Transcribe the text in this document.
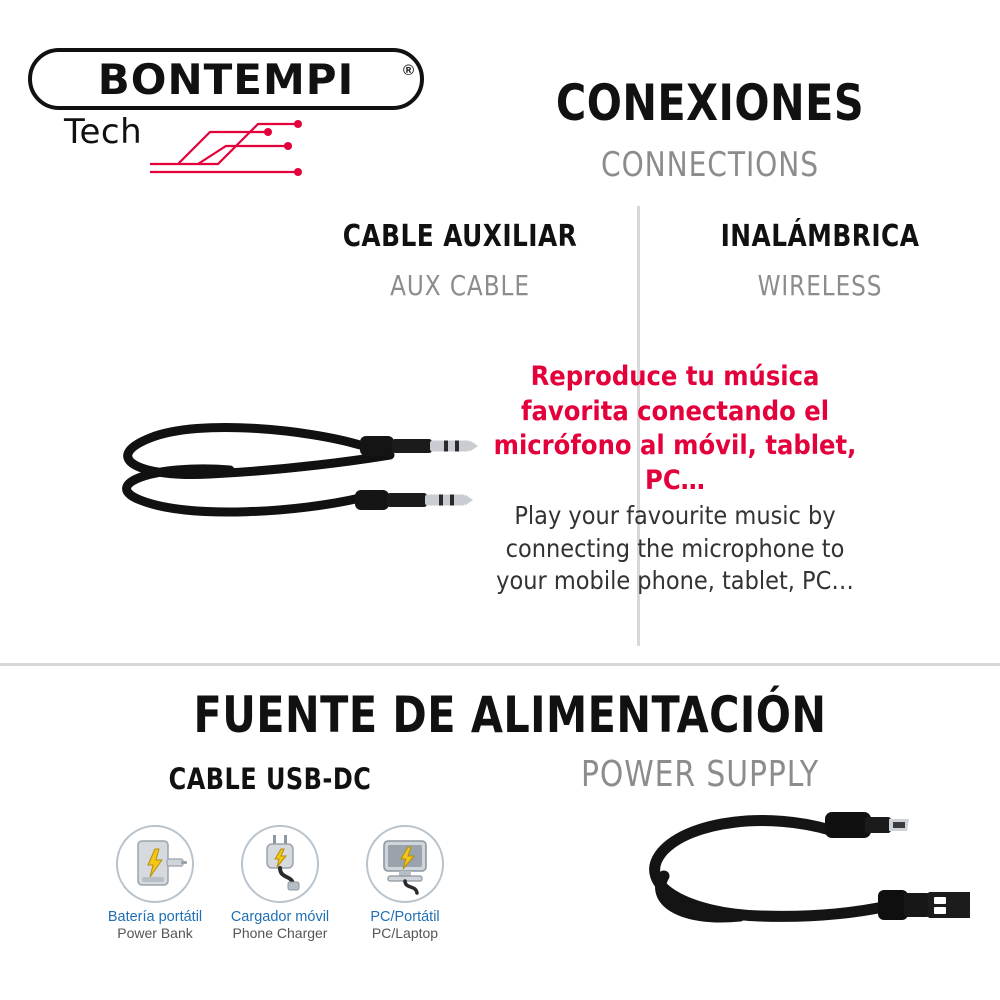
BONTEMPI	®
Tech	CONEXIONES
CONNECTIONS
CABLE AUXILIAR
AUX CABLE
INALÁMBRICA
WIRELESS
Reproduce tu música favorita conectando el micrófono al móvil, tablet, PC…
Play your favourite music by connecting the microphone to your mobile phone, tablet, PC…
FUENTE DE ALIMENTACIÓN
POWER SUPPLY
CABLE USB-DC
Batería portátil
Power Bank
Cargador móvil
Phone Charger
PC/Portátil
PC/Laptop
